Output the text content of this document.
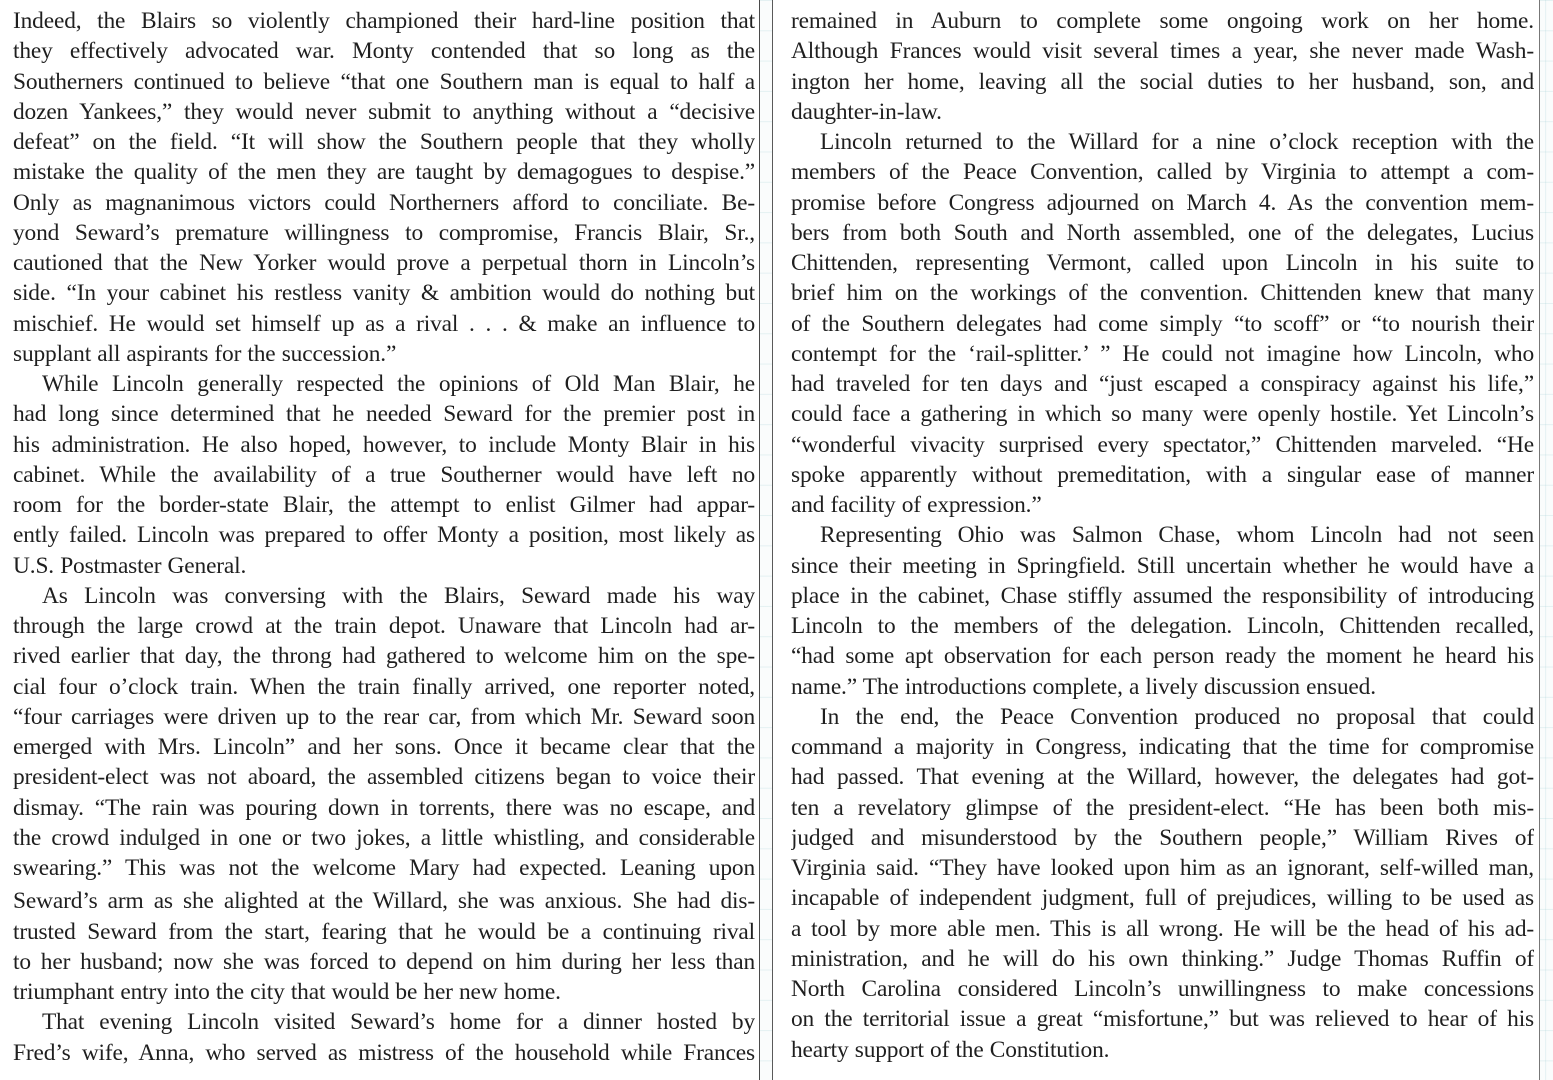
Indeed, the Blairs so violently championed their hard-line position that
they effectively advocated war. Monty contended that so long as the
Southerners continued to believe “that one Southern man is equal to half a
dozen Yankees,” they would never submit to anything without a “decisive
defeat” on the field. “It will show the Southern people that they wholly
mistake the quality of the men they are taught by demagogues to despise.”
Only as magnanimous victors could Northerners afford to conciliate. Be-
yond Seward’s premature willingness to compromise, Francis Blair, Sr.,
cautioned that the New Yorker would prove a perpetual thorn in Lincoln’s
side. “In your cabinet his restless vanity & ambition would do nothing but
mischief. He would set himself up as a rival . . . & make an influence to
supplant all aspirants for the succession.”
While Lincoln generally respected the opinions of Old Man Blair, he
had long since determined that he needed Seward for the premier post in
his administration. He also hoped, however, to include Monty Blair in his
cabinet. While the availability of a true Southerner would have left no
room for the border-state Blair, the attempt to enlist Gilmer had appar-
ently failed. Lincoln was prepared to offer Monty a position, most likely as
U.S. Postmaster General.
As Lincoln was conversing with the Blairs, Seward made his way
through the large crowd at the train depot. Unaware that Lincoln had ar-
rived earlier that day, the throng had gathered to welcome him on the spe-
cial four o’clock train. When the train finally arrived, one reporter noted,
“four carriages were driven up to the rear car, from which Mr. Seward soon
emerged with Mrs. Lincoln” and her sons. Once it became clear that the
president-elect was not aboard, the assembled citizens began to voice their
dismay. “The rain was pouring down in torrents, there was no escape, and
the crowd indulged in one or two jokes, a little whistling, and considerable
swearing.” This was not the welcome Mary had expected. Leaning upon
Seward’s arm as she alighted at the Willard, she was anxious. She had dis-
trusted Seward from the start, fearing that he would be a continuing rival
to her husband; now she was forced to depend on him during her less than
triumphant entry into the city that would be her new home.
That evening Lincoln visited Seward’s home for a dinner hosted by
Fred’s wife, Anna, who served as mistress of the household while Frances
remained in Auburn to complete some ongoing work on her home.
Although Frances would visit several times a year, she never made Wash-
ington her home, leaving all the social duties to her husband, son, and
daughter-in-law.
Lincoln returned to the Willard for a nine o’clock reception with the
members of the Peace Convention, called by Virginia to attempt a com-
promise before Congress adjourned on March 4. As the convention mem-
bers from both South and North assembled, one of the delegates, Lucius
Chittenden, representing Vermont, called upon Lincoln in his suite to
brief him on the workings of the convention. Chittenden knew that many
of the Southern delegates had come simply “to scoff” or “to nourish their
contempt for the ‘rail-splitter.’ ” He could not imagine how Lincoln, who
had traveled for ten days and “just escaped a conspiracy against his life,”
could face a gathering in which so many were openly hostile. Yet Lincoln’s
“wonderful vivacity surprised every spectator,” Chittenden marveled. “He
spoke apparently without premeditation, with a singular ease of manner
and facility of expression.”
Representing Ohio was Salmon Chase, whom Lincoln had not seen
since their meeting in Springfield. Still uncertain whether he would have a
place in the cabinet, Chase stiffly assumed the responsibility of introducing
Lincoln to the members of the delegation. Lincoln, Chittenden recalled,
“had some apt observation for each person ready the moment he heard his
name.” The introductions complete, a lively discussion ensued.
In the end, the Peace Convention produced no proposal that could
command a majority in Congress, indicating that the time for compromise
had passed. That evening at the Willard, however, the delegates had got-
ten a revelatory glimpse of the president-elect. “He has been both mis-
judged and misunderstood by the Southern people,” William Rives of
Virginia said. “They have looked upon him as an ignorant, self-willed man,
incapable of independent judgment, full of prejudices, willing to be used as
a tool by more able men. This is all wrong. He will be the head of his ad-
ministration, and he will do his own thinking.” Judge Thomas Ruffin of
North Carolina considered Lincoln’s unwillingness to make concessions
on the territorial issue a great “misfortune,” but was relieved to hear of his
hearty support of the Constitution.
